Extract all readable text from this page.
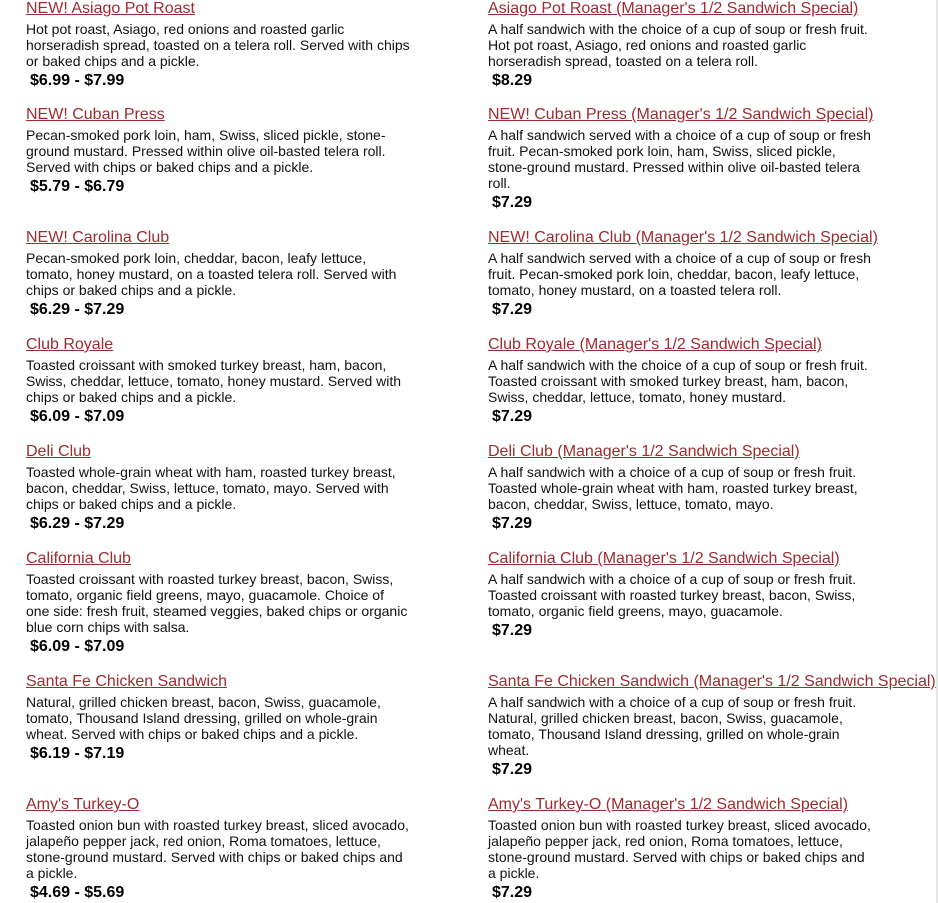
NEW! Asiago Pot Roast

Hot pot roast, Asiago, red onions and roasted garlic horseradish spread, toasted on a telera roll. Served with chips or baked chips and a pickle.

$6.99 - $7.99
NEW! Cuban Press

Pecan-smoked pork loin, ham, Swiss, sliced pickle, stone-ground mustard. Pressed within olive oil-basted telera roll. Served with chips or baked chips and a pickle.

$5.79 - $6.79
NEW! Carolina Club

Pecan-smoked pork loin, cheddar, bacon, leafy lettuce, tomato, honey mustard, on a toasted telera roll. Served with chips or baked chips and a pickle.

$6.29 - $7.29
Club Royale

Toasted croissant with smoked turkey breast, ham, bacon, Swiss, cheddar, lettuce, tomato, honey mustard. Served with chips or baked chips and a pickle.

$6.09 - $7.09
Deli Club

Toasted whole-grain wheat with ham, roasted turkey breast, bacon, cheddar, Swiss, lettuce, tomato, mayo. Served with chips or baked chips and a pickle.

$6.29 - $7.29
California Club

Toasted croissant with roasted turkey breast, bacon, Swiss, tomato, organic field greens, mayo, guacamole. Choice of one side: fresh fruit, steamed veggies, baked chips or organic blue corn chips with salsa.

$6.09 - $7.09
Santa Fe Chicken Sandwich

Natural, grilled chicken breast, bacon, Swiss, guacamole, tomato, Thousand Island dressing, grilled on whole-grain wheat. Served with chips or baked chips and a pickle.

$6.19 - $7.19
Amy's Turkey-O

Toasted onion bun with roasted turkey breast, sliced avocado, jalapeño pepper jack, red onion, Roma tomatoes, lettuce, stone-ground mustard. Served with chips or baked chips and a pickle.

$4.69 - $5.69
Asiago Pot Roast (Manager's 1/2 Sandwich Special)

A half sandwich with the choice of a cup of soup or fresh fruit. Hot pot roast, Asiago, red onions and roasted garlic horseradish spread, toasted on a telera roll.

$8.29
NEW! Cuban Press (Manager's 1/2 Sandwich Special)

A half sandwich served with a choice of a cup of soup or fresh fruit. Pecan-smoked pork loin, ham, Swiss, sliced pickle, stone-ground mustard. Pressed within olive oil-basted telera roll.

$7.29
NEW! Carolina Club (Manager's 1/2 Sandwich Special)

A half sandwich served with a choice of a cup of soup or fresh fruit. Pecan-smoked pork loin, cheddar, bacon, leafy lettuce, tomato, honey mustard, on a toasted telera roll.

$7.29
Club Royale (Manager's 1/2 Sandwich Special)

A half sandwich with the choice of a cup of soup or fresh fruit. Toasted croissant with smoked turkey breast, ham, bacon, Swiss, cheddar, lettuce, tomato, honey mustard.

$7.29
Deli Club (Manager's 1/2 Sandwich Special)

A half sandwich with a choice of a cup of soup or fresh fruit. Toasted whole-grain wheat with ham, roasted turkey breast, bacon, cheddar, Swiss, lettuce, tomato, mayo.

$7.29
California Club (Manager's 1/2 Sandwich Special)

A half sandwich with a choice of a cup of soup or fresh fruit. Toasted croissant with roasted turkey breast, bacon, Swiss, tomato, organic field greens, mayo, guacamole.

$7.29
Santa Fe Chicken Sandwich (Manager's 1/2 Sandwich Special)

A half sandwich with a choice of a cup of soup or fresh fruit. Natural, grilled chicken breast, bacon, Swiss, guacamole, tomato, Thousand Island dressing, grilled on whole-grain wheat.

$7.29
Amy's Turkey-O (Manager's 1/2 Sandwich Special)

Toasted onion bun with roasted turkey breast, sliced avocado, jalapeño pepper jack, red onion, Roma tomatoes, lettuce, stone-ground mustard. Served with chips or baked chips and a pickle.

$7.29
